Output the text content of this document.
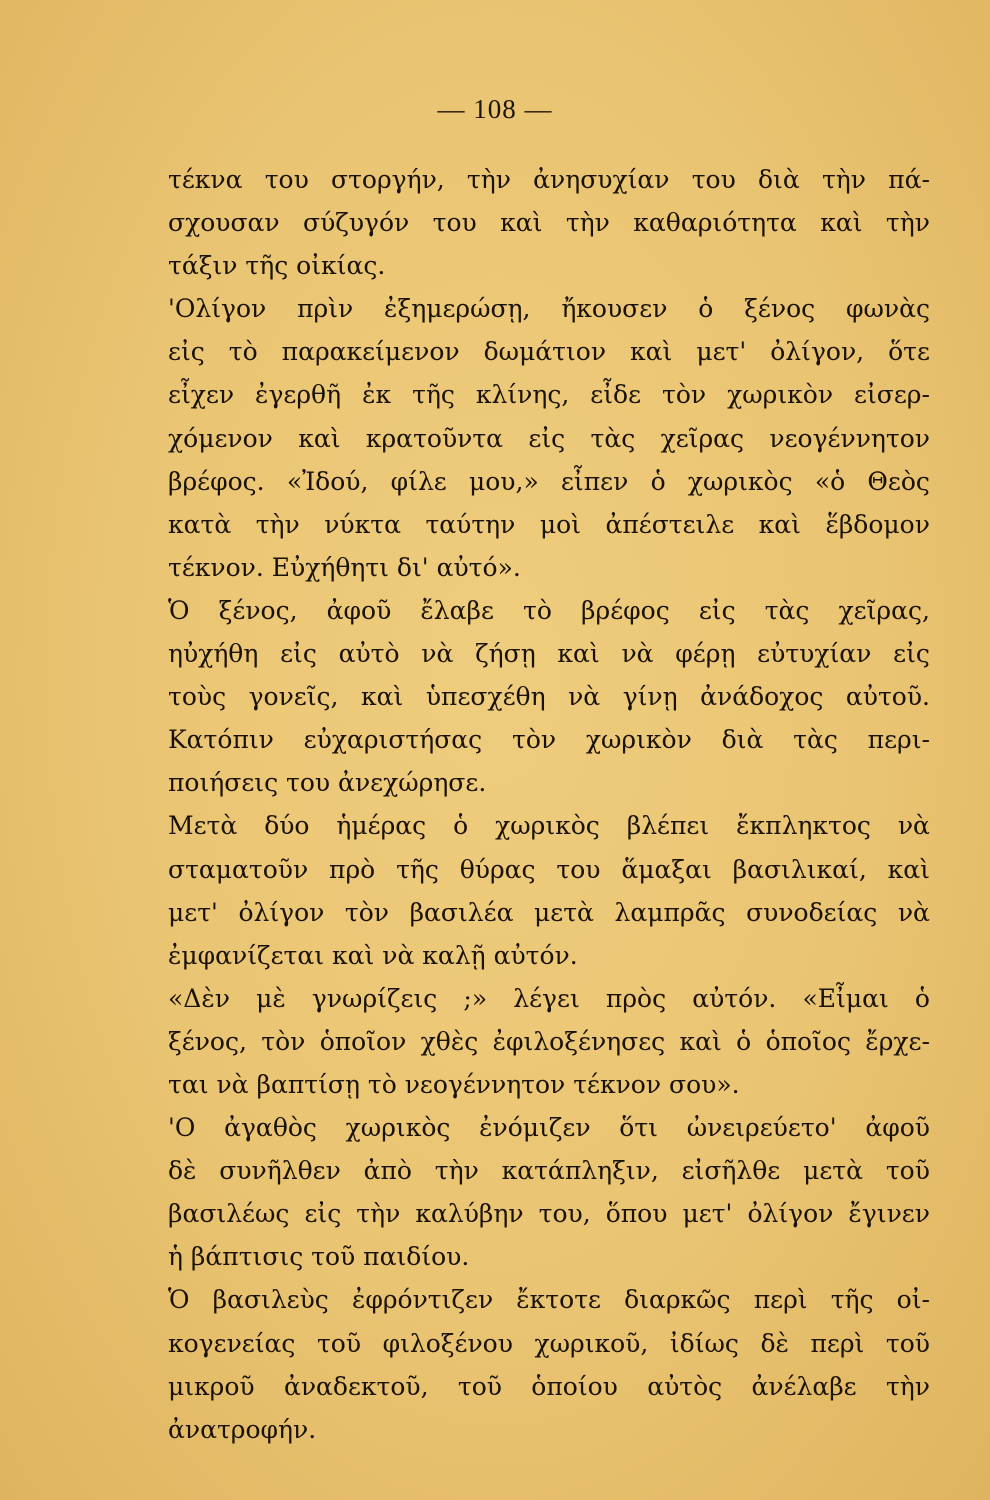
— 108 —
τέκνα του στοργήν, τὴν ἀνησυχίαν του διὰ τὴν πά-
σχουσαν σύζυγόν του καὶ τὴν καθαριότητα καὶ τὴν
τάξιν τῆς οἰκίας.
'Ολίγον πρὶν ἐξημερώσῃ, ἤκουσεν ὁ ξένος φωνὰς
εἰς τὸ παρακείμενον δωμάτιον καὶ μετ' ὀλίγον, ὅτε
εἶχεν ἐγερθῆ ἐκ τῆς κλίνης, εἶδε τὸν χωρικὸν εἰσερ-
χόμενον καὶ κρατοῦντα εἰς τὰς χεῖρας νεογέννητον
βρέφος. «Ἰδού, φίλε μου,» εἶπεν ὁ χωρικὸς «ὁ Θεὸς
κατὰ τὴν νύκτα ταύτην μοὶ ἀπέστειλε καὶ ἕβδομον
τέκνον. Εὐχήθητι δι' αὐτό».
Ὁ ξένος, ἀφοῦ ἔλαβε τὸ βρέφος εἰς τὰς χεῖρας,
ηὐχήθη εἰς αὐτὸ νὰ ζήσῃ καὶ νὰ φέρῃ εὐτυχίαν εἰς
τοὺς γονεῖς, καὶ ὑπεσχέθη νὰ γίνῃ ἀνάδοχος αὐτοῦ.
Κατόπιν εὐχαριστήσας τὸν χωρικὸν διὰ τὰς περι-
ποιήσεις του ἀνεχώρησε.
Μετὰ δύο ἡμέρας ὁ χωρικὸς βλέπει ἔκπληκτος νὰ
σταματοῦν πρὸ τῆς θύρας του ἅμαξαι βασιλικαί, καὶ
μετ' ὀλίγον τὸν βασιλέα μετὰ λαμπρᾶς συνοδείας νὰ
ἐμφανίζεται καὶ νὰ καλῇ αὐτόν.
«Δὲν μὲ γνωρίζεις ;» λέγει πρὸς αὐτόν. «Εἶμαι ὁ
ξένος, τὸν ὁποῖον χθὲς ἐφιλοξένησες καὶ ὁ ὁποῖος ἔρχε-
ται νὰ βαπτίσῃ τὸ νεογέννητον τέκνον σου».
'Ο ἀγαθὸς χωρικὸς ἐνόμιζεν ὅτι ὠνειρεύετο' ἀφοῦ
δὲ συνῆλθεν ἀπὸ τὴν κατάπληξιν, εἰσῆλθε μετὰ τοῦ
βασιλέως εἰς τὴν καλύβην του, ὅπου μετ' ὀλίγον ἔγινεν
ἡ βάπτισις τοῦ παιδίου.
Ὁ βασιλεὺς ἐφρόντιζεν ἔκτοτε διαρκῶς περὶ τῆς οἰ-
κογενείας τοῦ φιλοξένου χωρικοῦ, ἰδίως δὲ περὶ τοῦ
μικροῦ ἀναδεκτοῦ, τοῦ ὁποίου αὐτὸς ἀνέλαβε τὴν
ἀνατροφήν.
